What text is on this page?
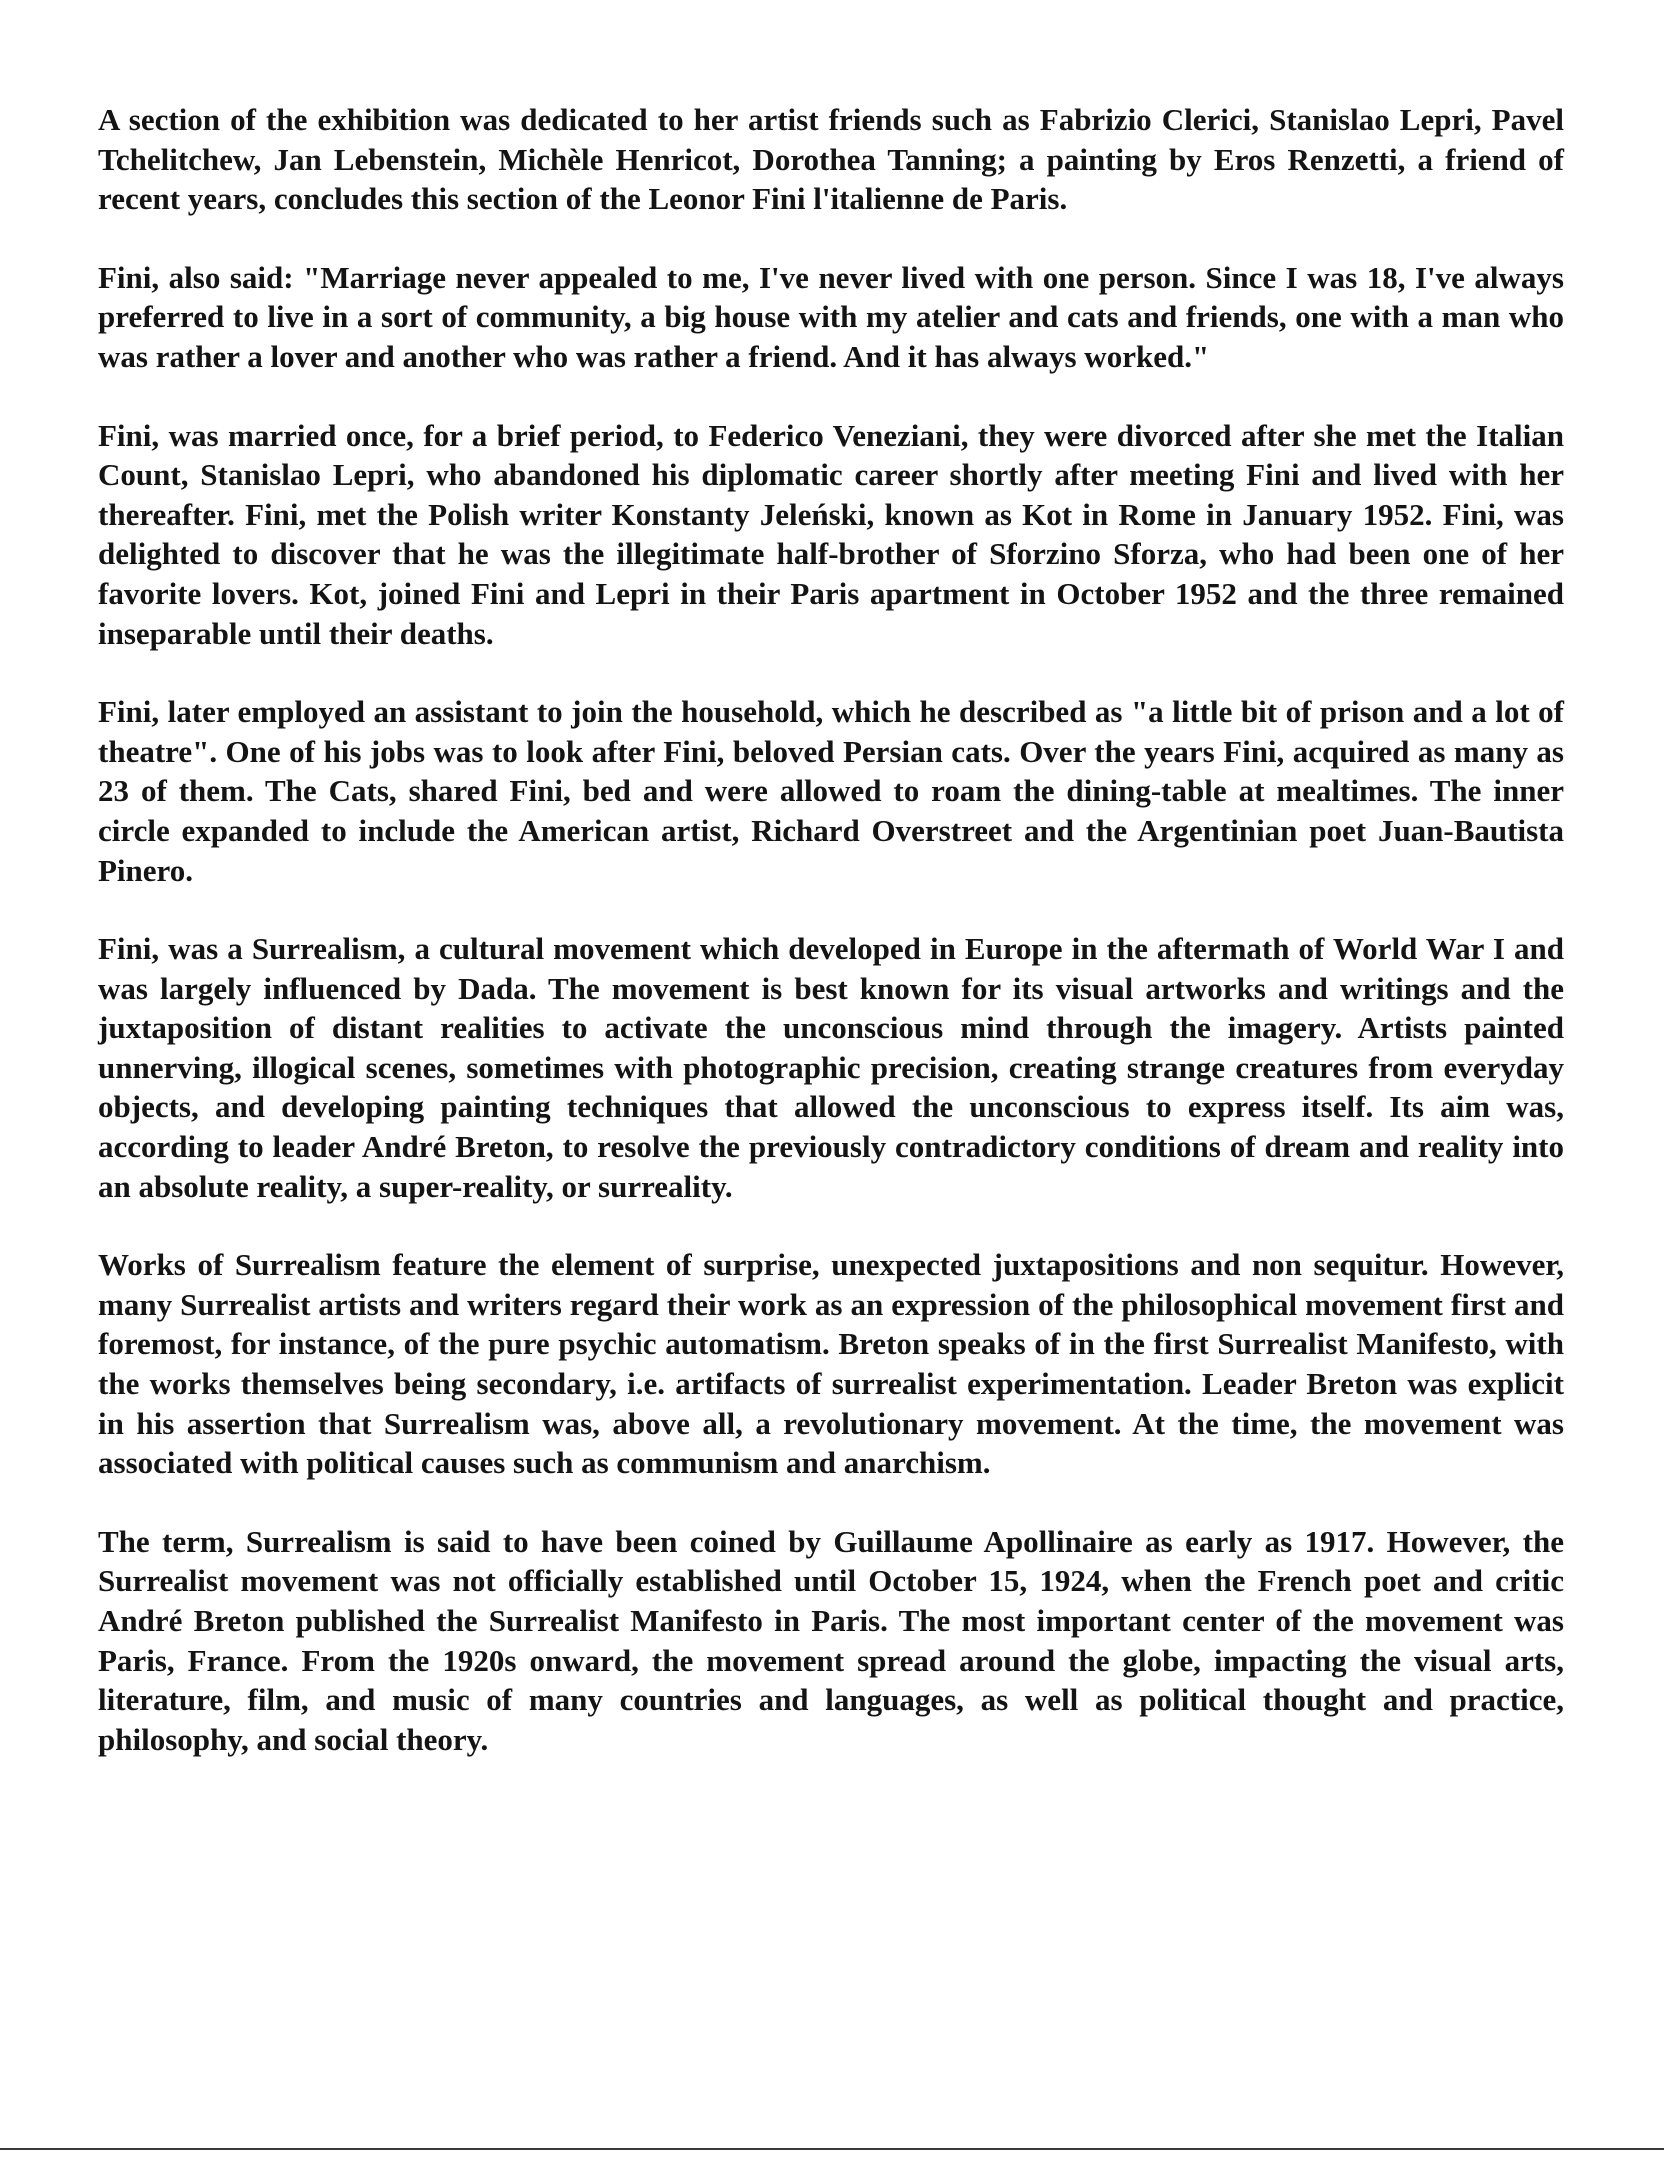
A section of the exhibition was dedicated to her artist friends such as Fabrizio Clerici, Stanislao Lepri, Pavel Tchelitchew, Jan Lebenstein, Michèle Henricot, Dorothea Tanning; a painting by Eros Renzetti, a friend of recent years, concludes this section of the Leonor Fini l'italienne de Paris.

Fini, also said: "Marriage never appealed to me, I've never lived with one person. Since I was 18, I've always preferred to live in a sort of community, a big house with my atelier and cats and friends, one with a man who was rather a lover and another who was rather a friend. And it has always worked."

Fini, was married once, for a brief period, to Federico Veneziani, they were divorced after she met the Italian Count, Stanislao Lepri, who abandoned his diplomatic career shortly after meeting Fini and lived with her thereafter. Fini, met the Polish writer Konstanty Jeleński, known as Kot in Rome in January 1952. Fini, was delighted to discover that he was the illegitimate half-brother of Sforzino Sforza, who had been one of her favorite lovers. Kot, joined Fini and Lepri in their Paris apartment in October 1952 and the three remained inseparable until their deaths.

Fini, later employed an assistant to join the household, which he described as "a little bit of prison and a lot of theatre". One of his jobs was to look after Fini, beloved Persian cats. Over the years Fini, acquired as many as 23 of them. The Cats, shared Fini, bed and were allowed to roam the dining-table at mealtimes. The inner circle expanded to include the American artist, Richard Overstreet and the Argentinian poet Juan-Bautista Pinero.

Fini, was a Surrealism, a cultural movement which developed in Europe in the aftermath of World War I and was largely influenced by Dada. The movement is best known for its visual artworks and writings and the juxtaposition of distant realities to activate the unconscious mind through the imagery. Artists painted unnerving, illogical scenes, sometimes with photographic precision, creating strange creatures from everyday objects, and developing painting techniques that allowed the unconscious to express itself. Its aim was, according to leader André Breton, to resolve the previously contradictory conditions of dream and reality into an absolute reality, a super-reality, or surreality.

Works of Surrealism feature the element of surprise, unexpected juxtapositions and non sequitur. However, many Surrealist artists and writers regard their work as an expression of the philosophical movement first and foremost, for instance, of the pure psychic automatism. Breton speaks of in the first Surrealist Manifesto, with the works themselves being secondary, i.e. artifacts of surrealist experimentation. Leader Breton was explicit in his assertion that Surrealism was, above all, a revolutionary movement. At the time, the movement was associated with political causes such as communism and anarchism.

The term, Surrealism is said to have been coined by Guillaume Apollinaire as early as 1917. However, the Surrealist movement was not officially established until October 15, 1924, when the French poet and critic André Breton published the Surrealist Manifesto in Paris. The most important center of the movement was Paris, France. From the 1920s onward, the movement spread around the globe, impacting the visual arts, literature, film, and music of many countries and languages, as well as political thought and practice, philosophy, and social theory.
